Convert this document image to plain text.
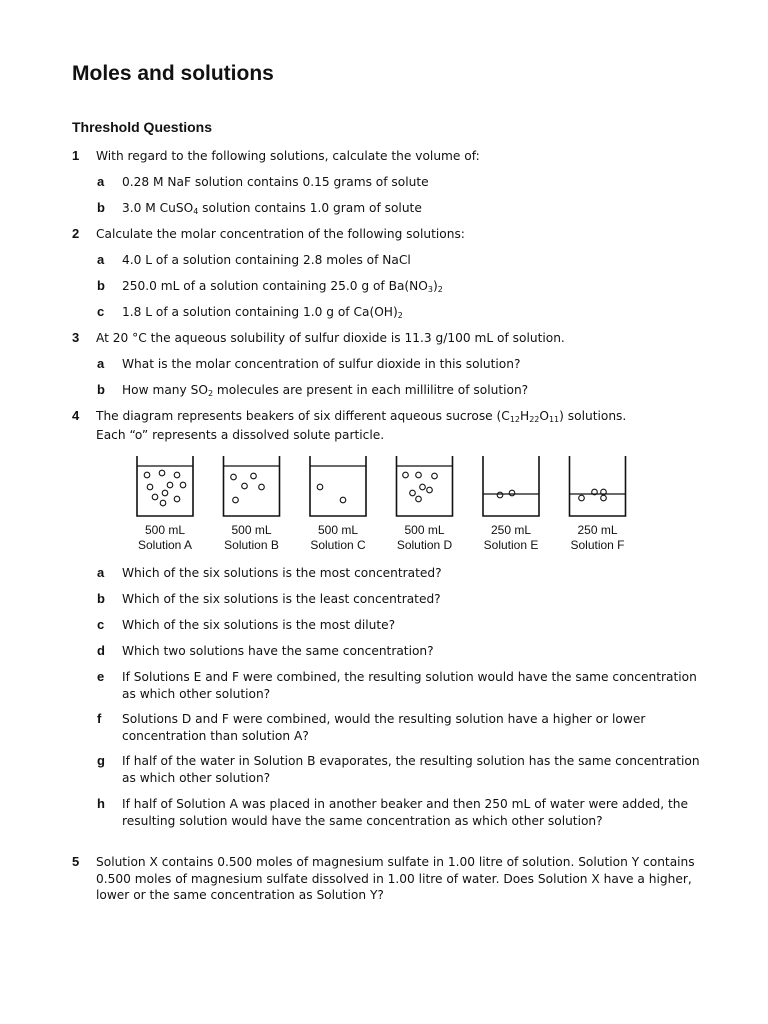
Moles and solutions
Threshold Questions
1 With regard to the following solutions, calculate the volume of:
a 0.28 M NaF solution contains 0.15 grams of solute
b 3.0 M CuSO$_4$ solution contains 1.0 gram of solute
2 Calculate the molar concentration of the following solutions:
a 4.0 L of a solution containing 2.8 moles of NaCl
b 250.0 mL of a solution containing 25.0 g of $Ba(NO_3)_2$
c 1.8 L of a solution containing 1.0 g of $Ca(OH)_2$
3 At 20 °C the aqueous solubility of sulfur dioxide is 11.3 g/100 mL of solution.
a What is the molar concentration of sulfur dioxide in this solution?
b How many $SO_2$ molecules are present in each millilitre of solution?
4 The diagram represents beakers of six different aqueous sucrose $(C_{12}H_{22}O_{11})$ solutions.
Each “o” represents a dissolved solute particle.
500 mL
Solution A
500 mL
Solution B
500 mL
Solution C
500 mL
Solution D
250 mL
Solution E
250 mL
Solution F
a Which of the six solutions is the most concentrated?
b Which of the six solutions is the least concentrated?
c Which of the six solutions is the most dilute?
d Which two solutions have the same concentration?
e If Solutions E and F were combined, the resulting solution would have the same concentration as which other solution?
f Solutions D and F were combined, would the resulting solution have a higher or lower concentration than solution A?
g If half of the water in Solution B evaporates, the resulting solution has the same concentration as which other solution?
h If half of Solution A was placed in another beaker and then 250 mL of water were added, the resulting solution would have the same concentration as which other solution?
5 Solution X contains 0.500 moles of magnesium sulfate in 1.00 litre of solution. Solution Y contains 0.500 moles of magnesium sulfate dissolved in 1.00 litre of water. Does Solution X have a higher, lower or the same concentration as Solution Y?
